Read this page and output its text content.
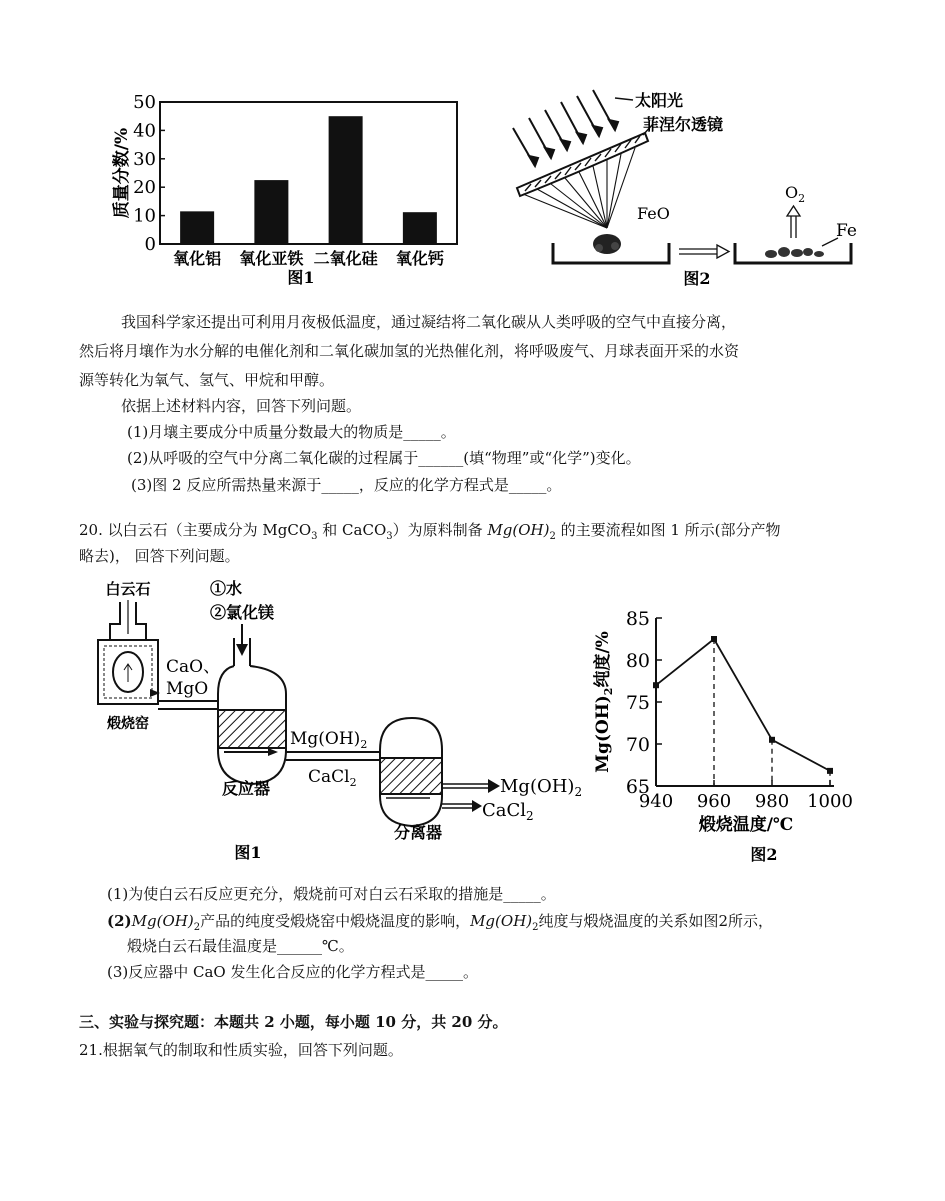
0
10
20
30
40
50
氧化铝 氧化亚铁 二氧化硅 氧化钙
质量分数/%
图1
太阳光
菲涅尔透镜
FeO
$O_2$
Fe
图2
我国科学家还提出可利用月夜极低温度，通过凝结将二氧化碳从人类呼吸的空气中直接分离，
然后将月壤作为水分解的电催化剂和二氧化碳加氢的光热催化剂，将呼吸废气、月球表面开采的水资
源等转化为氧气、氢气、甲烷和甲醇。
依据上述材料内容，回答下列问题。
(1)月壤主要成分中质量分数最大的物质是_____。
(2)从呼吸的空气中分离二氧化碳的过程属于______(填“物理”或“化学”)变化。
(3)图 2 反应所需热量来源于_____，反应的化学方程式是_____。
20. 以白云石（主要成分为 MgCO$_3$ 和 CaCO$_3$）为原料制备 $Mg(OH)_2$ 的主要流程如图 1 所示(部分产物
略去)， 回答下列问题。
白云石
煅烧窑
CaO、
MgO
①水
②氯化镁
反应器
$Mg(OH)_2$
CaCl$_2$	$Mg(OH)_2$
CaCl$_2$
分离器
图1
65
70
75
80
85
940 960 980 1000
煅烧温度/℃
$Mg(OH)_2$纯度/%
图2
(1)为使白云石反应更充分，煅烧前可对白云石采取的措施是_____。
$(2)Mg(OH)_2$产品的纯度受煅烧窑中煅烧温度的影响，$Mg(OH)_2$纯度与煅烧温度的关系如图2所示，
煅烧白云石最佳温度是______℃。
(3)反应器中 CaO 发生化合反应的化学方程式是_____。
三、实验与探究题：本题共 2 小题，每小题 10 分，共 20 分。
21.根据氧气的制取和性质实验，回答下列问题。
